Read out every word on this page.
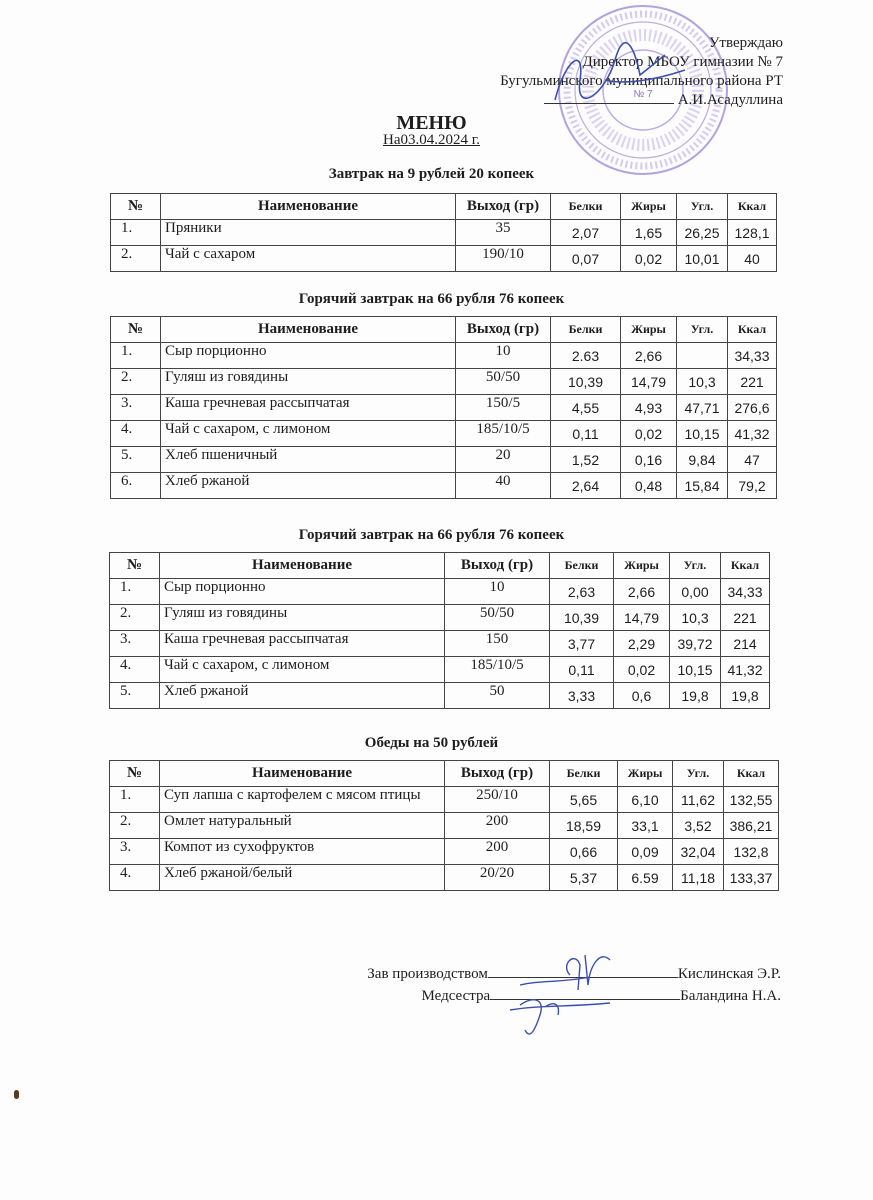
№ 7
Утверждаю
Директор МБОУ гимназии № 7
Бугульминского муниципального района РТ
А.И.Асадуллина
МЕНЮ
На03.04.2024 г.
Завтрак на 9 рублей 20 копеек
№	Наименование	Выход (гр)	Белки	Жиры	Угл.	Ккал
1.	Пряники	35	2,07	1,65	26,25	128,1
2.	Чай с сахаром	190/10	0,07	0,02	10,01	40
Горячий завтрак на 66 рубля 76 копеек
№	Наименование	Выход (гр)	Белки	Жиры	Угл.	Ккал
1.	Сыр порционно	10	2.63	2,66		34,33
2.	Гуляш из говядины	50/50	10,39	14,79	10,3	221
3.	Каша гречневая рассыпчатая	150/5	4,55	4,93	47,71	276,6
4.	Чай с сахаром, с лимоном	185/10/5	0,11	0,02	10,15	41,32
5.	Хлеб пшеничный	20	1,52	0,16	9,84	47
6.	Хлеб ржаной	40	2,64	0,48	15,84	79,2
Горячий завтрак на 66 рубля 76 копеек
№	Наименование	Выход (гр)	Белки	Жиры	Угл.	Ккал
1.	Сыр порционно	10	2,63	2,66	0,00	34,33
2.	Гуляш из говядины	50/50	10,39	14,79	10,3	221
3.	Каша гречневая рассыпчатая	150	3,77	2,29	39,72	214
4.	Чай с сахаром, с лимоном	185/10/5	0,11	0,02	10,15	41,32
5.	Хлеб ржаной	50	3,33	0,6	19,8	19,8
Обеды на 50 рублей
№	Наименование	Выход (гр)	Белки	Жиры	Угл.	Ккал
1.	Суп лапша с картофелем с мясом птицы	250/10	5,65	6,10	11,62	132,55
2.	Омлет натуральный	200	18,59	33,1	3,52	386,21
3.	Компот из сухофруктов	200	0,66	0,09	32,04	132,8
4.	Хлеб ржаной/белый	20/20	5,37	6.59	11,18	133,37
Зав производством	Кислинская Э.Р.
Медсестра	Баландина Н.А.
